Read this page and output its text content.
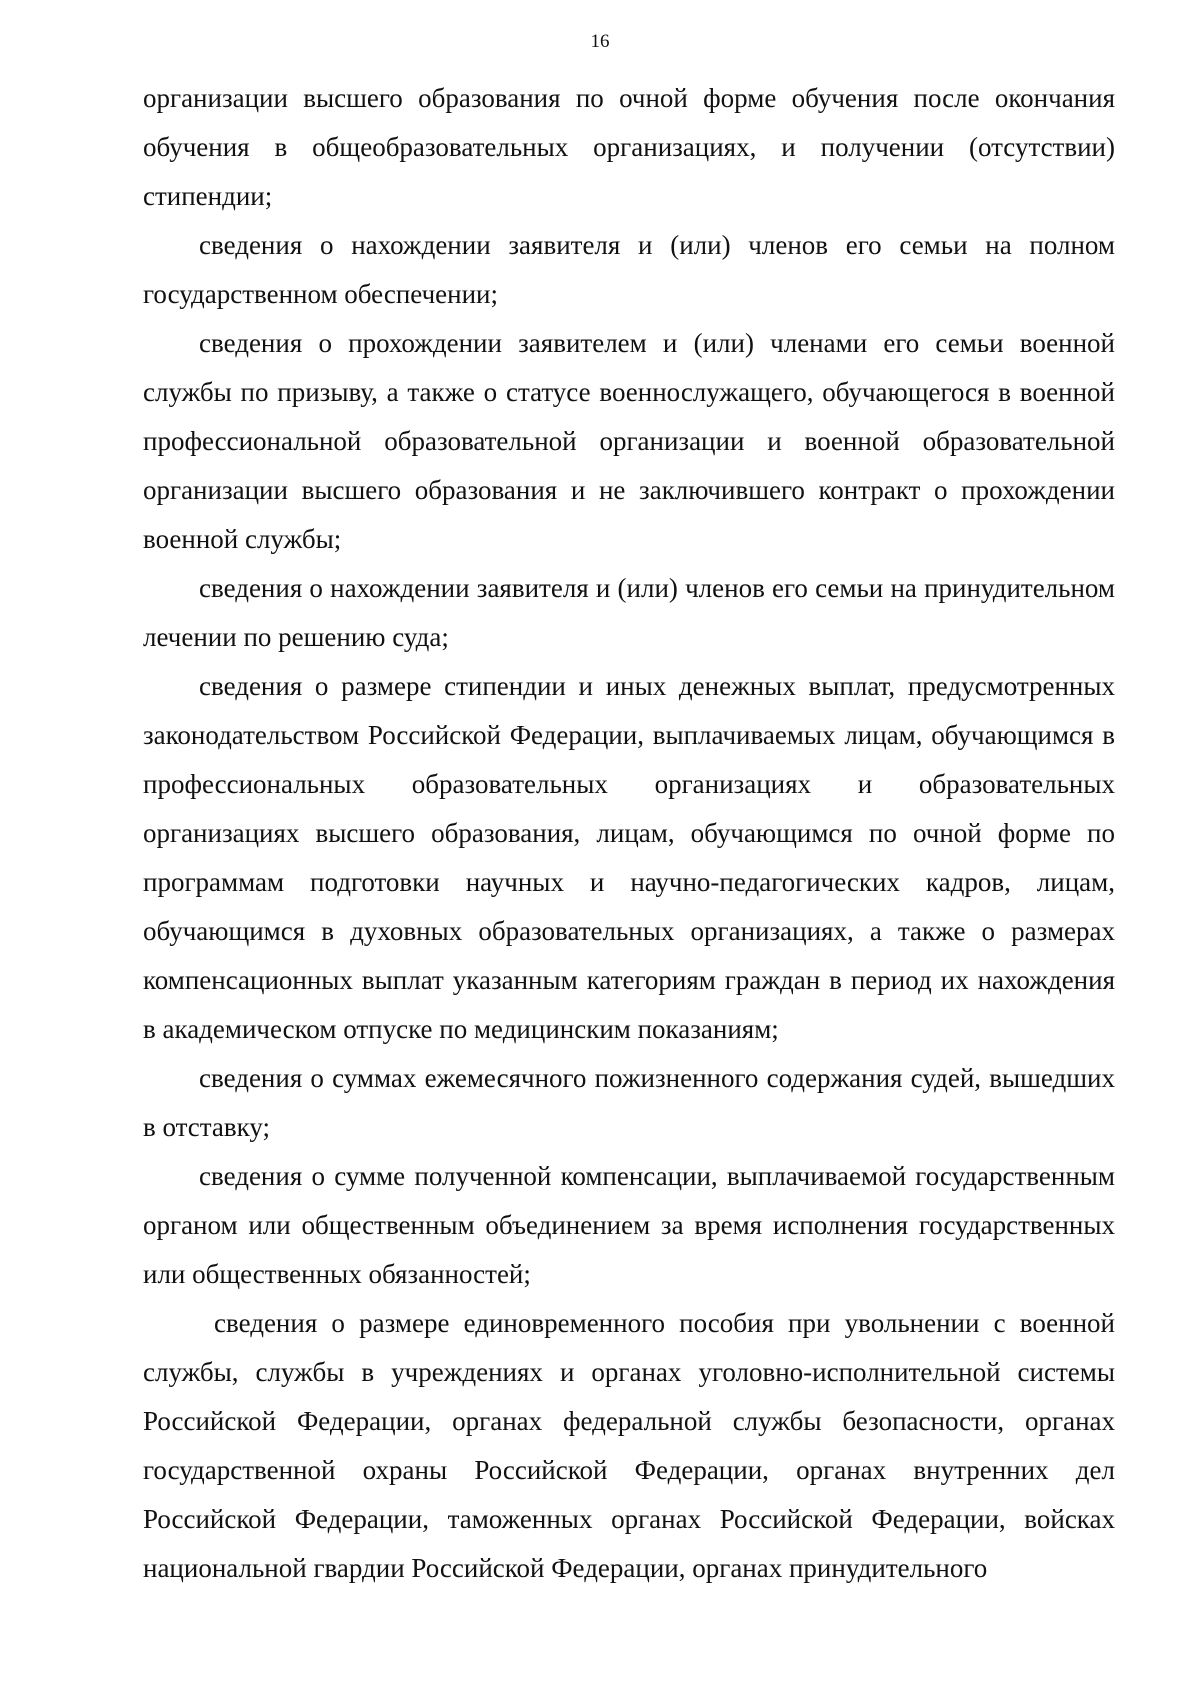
16

организации высшего образования по очной форме обучения после окончания обучения в общеобразовательных организациях, и получении (отсутствии) стипендии;

сведения о нахождении заявителя и (или) членов его семьи на полном государственном обеспечении;

сведения о прохождении заявителем и (или) членами его семьи военной службы по призыву, а также о статусе военнослужащего, обучающегося в военной профессиональной образовательной организации и военной образовательной организации высшего образования и не заключившего контракт о прохождении военной службы;

сведения о нахождении заявителя и (или) членов его семьи на принудительном лечении по решению суда;

сведения о размере стипендии и иных денежных выплат, предусмотренных законодательством Российской Федерации, выплачиваемых лицам, обучающимся в профессиональных образовательных организациях и образовательных организациях высшего образования, лицам, обучающимся по очной форме по программам подготовки научных и научно-педагогических кадров, лицам, обучающимся в духовных образовательных организациях, а также о размерах компенсационных выплат указанным категориям граждан в период их нахождения в академическом отпуске по медицинским показаниям;

сведения о суммах ежемесячного пожизненного содержания судей, вышедших в отставку;

сведения о сумме полученной компенсации, выплачиваемой государственным органом или общественным объединением за время исполнения государственных или общественных обязанностей;

сведения о размере единовременного пособия при увольнении с военной службы, службы в учреждениях и органах уголовно-исполнительной системы Российской Федерации, органах федеральной службы безопасности, органах государственной охраны Российской Федерации, органах внутренних дел Российской Федерации, таможенных органах Российской Федерации, войсках национальной гвардии Российской Федерации, органах принудительного
